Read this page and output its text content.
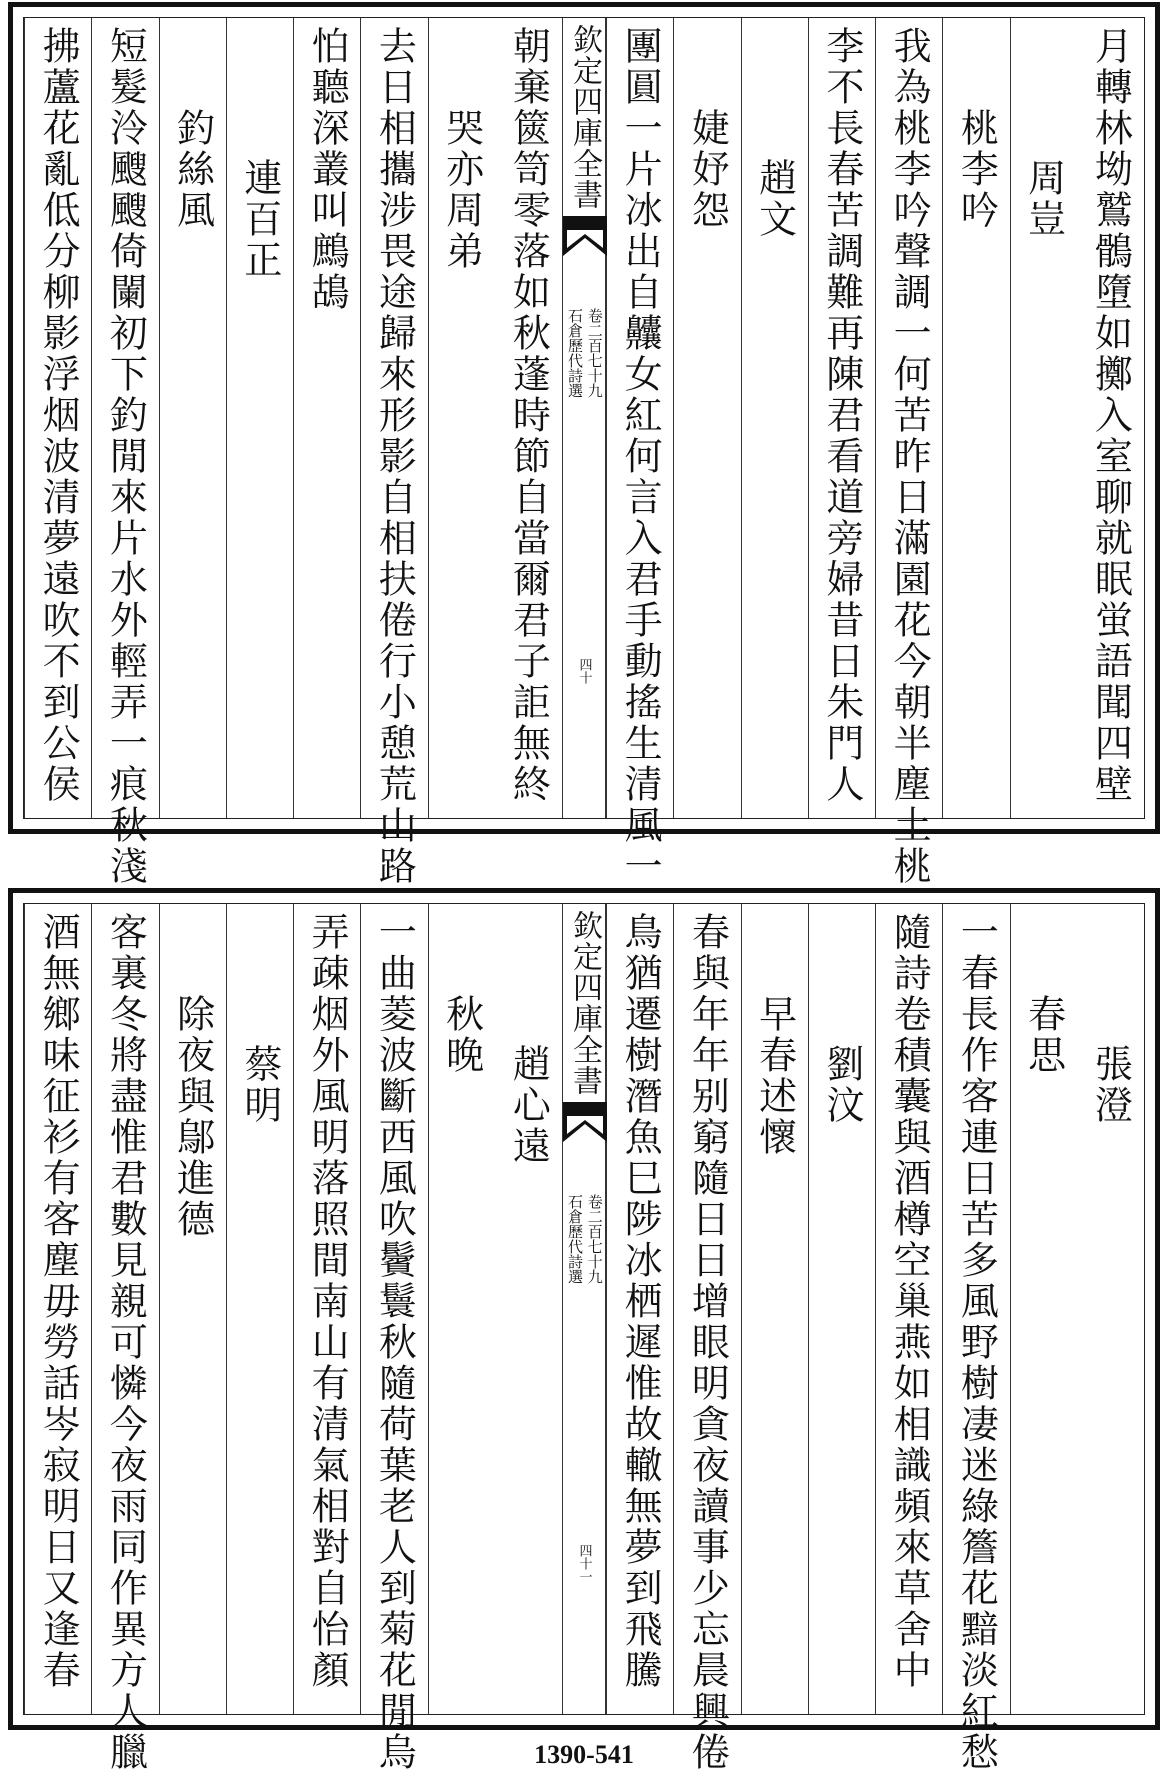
月轉林坳鷲鶻墮如擲入室聊就眠蛍語聞四壁
周豈
桃李吟
我為桃李吟聲調一何苦昨日滿園花今朝半塵土桃
李不長春苦調難再陳君看道旁婦昔日朱門人
趙文
婕妤怨
團圓一片冰出自齉女紅何言入君手動搖生清風一
朝棄篋笥零落如秋蓬時節自當爾君子詎無終
哭亦周弟
去日相攜涉畏途歸來形影自相扶倦行小憩荒山路
怕聽深叢叫鷓鴣
連百正
釣絲風
短髮泠颼颼倚闌初下釣閒來片水外輕弄一痕秋淺
拂蘆花亂低分柳影浮烟波清夢遠吹不到公侯	欽定四庫全書
石倉歷代詩選 卷二百七十九
四十
張澄
春思
一春長作客連日苦多風野樹凄迷綠簷花黯淡紅愁
隨詩卷積囊與酒樽空巢燕如相識頻來草舍中
劉汶
早春述懷
春與年年别窮隨日日增眼明貪夜讀事少忘晨興倦
鳥猶遷樹潛魚巳陟冰栖遲惟故轍無夢到飛騰
趙心遠
秋晚
一曲菱波斷西風吹鬢鬟秋隨荷葉老人到菊花閒烏
弄疎烟外風明落照間南山有清氣相對自怡顏
蔡明
除夜與鄔進德
客裏冬將盡惟君數見親可憐今夜雨同作異方人臘
酒無鄉味征衫有客塵毋勞話岑寂明日又逢春	欽定四庫全書
石倉歷代詩選 卷二百七十九
四十一
1390-541
